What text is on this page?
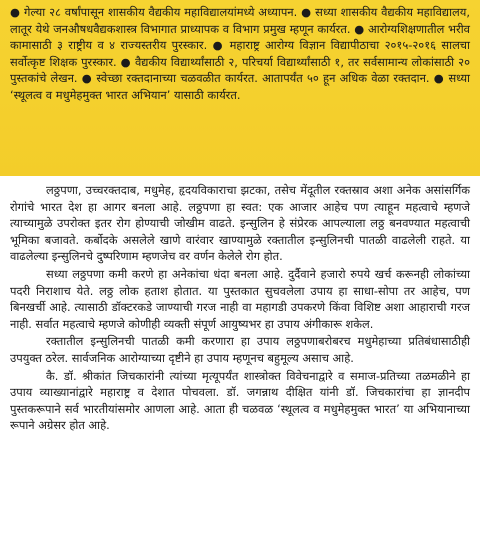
● गेल्या २८ वर्षांपासून शासकीय वैद्यकीय महाविद्यालयांमध्ये अध्यापन. ● सध्या शासकीय वैद्यकीय महाविद्यालय, लातूर येथे जनऔषधवैद्यकशास्त्र विभागात प्राध्यापक व विभाग प्रमुख म्हणून कार्यरत. ● आरोग्यशिक्षणातील भरीव कामासाठी ३ राष्ट्रीय व ४ राज्यस्तरीय पुरस्कार. ● महाराष्ट्र आरोग्य विज्ञान विद्यापीठाचा २०१५-२०१६ सालचा सर्वोत्कृष्ट शिक्षक पुरस्कार. ● वैद्यकीय विद्यार्थ्यांसाठी २, परिचर्या विद्यार्थ्यांसाठी १, तर सर्वसामान्य लोकांसाठी २० पुस्तकांचे लेखन. ● स्वेच्छा रक्तदानाच्या चळवळीत कार्यरत. आतापर्यंत ५० हून अधिक वेळा रक्तदान. ● सध्या ‘स्थूलत्व व मधुमेहमुक्त भारत अभियान’ यासाठी कार्यरत.

लठ्ठपणा, उच्चरक्तदाब, मधुमेह, हृदयविकाराचा झटका, तसेच मेंदूतील रक्तस्राव अशा अनेक असांसर्गिक रोगांचे भारत देश हा आगर बनला आहे. लठ्ठपणा हा स्वत: एक आजार आहेच पण त्याहून महत्वाचे म्हणजे त्याच्यामुळे उपरोक्त इतर रोग होण्याची जोखीम वाढते. इन्सुलिन हे संप्रेरक आपल्याला लठ्ठ बनवण्यात महत्वाची भूमिका बजावते. कर्बोदके असलेले खाणे वारंवार खाण्यामुळे रक्तातील इन्सुलिनची पातळी वाढलेली राहते. या वाढलेल्या इन्सुलिनचे दुष्परिणाम म्हणजेच वर वर्णन केलेले रोग होत.

सध्या लठ्ठपणा कमी करणे हा अनेकांचा धंदा बनला आहे. दुर्दैवाने हजारो रुपये खर्च करूनही लोकांच्या पदरी निराशाच येते. लठ्ठ लोक हताश होतात. या पुस्तकात सुचवलेला उपाय हा साधा-सोपा तर आहेच, पण बिनखर्ची आहे. त्यासाठी डॉक्टरकडे जाण्याची गरज नाही वा महागडी उपकरणे किंवा विशिष्ट अशा आहाराची गरज नाही. सर्वात महत्वाचे म्हणजे कोणीही व्यक्ती संपूर्ण आयुष्यभर हा उपाय अंगीकारू शकेल.

रक्तातील इन्सुलिनची पातळी कमी करणारा हा उपाय लठ्ठपणाबरोबरच मधुमेहाच्या प्रतिबंधासाठीही उपयुक्त ठरेल. सार्वजनिक आरोग्याच्या दृष्टीने हा उपाय म्हणूनच बहुमूल्य असाच आहे.

कै. डॉ. श्रीकांत जिचकारांनी त्यांच्या मृत्यूपर्यंत शास्त्रोक्त विवेचनाद्वारे व समाज-प्रतिच्या तळमळीने हा उपाय व्याख्यानांद्वारे महाराष्ट्र व देशात पोचवला. डॉ. जगन्नाथ दीक्षित यांनी डॉ. जिचकारांचा हा ज्ञानदीप पुस्तकरूपाने सर्व भारतीयांसमोर आणला आहे. आता ही चळवळ ‘स्थूलत्व व मधुमेहमुक्त भारत’ या अभियानाच्या रूपाने अग्रेसर होत आहे.
